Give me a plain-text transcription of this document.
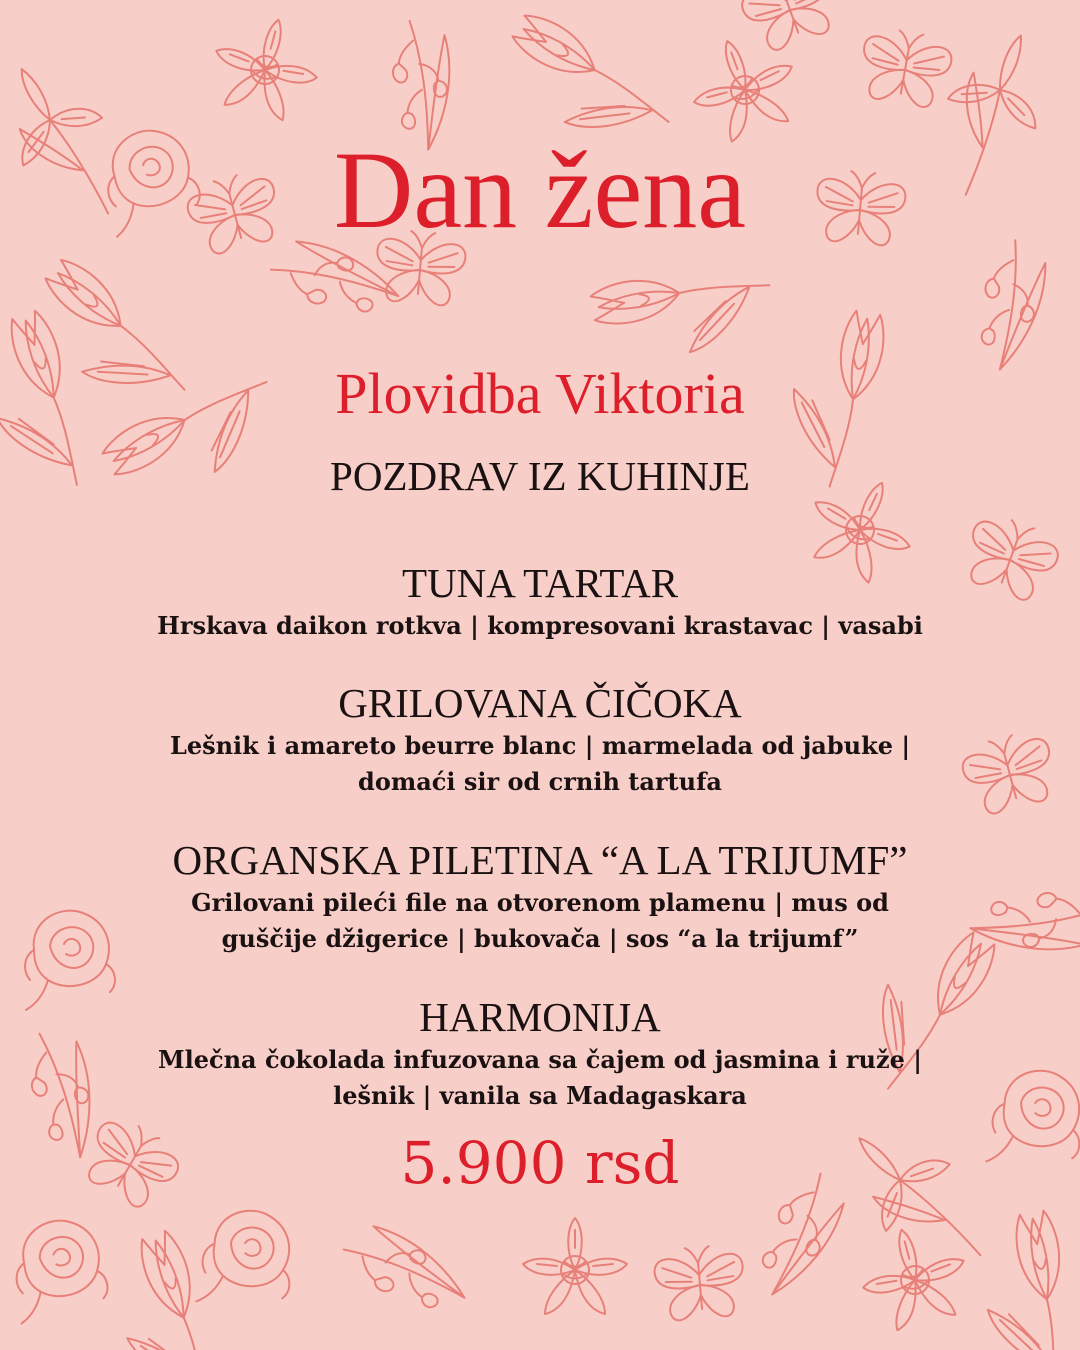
Dan žena
Plovidba Viktoria
POZDRAV IZ KUHINJE
TUNA TARTAR
Hrskava daikon rotkva | kompresovani krastavac | vasabi
GRILOVANA ČIČOKA
Lešnik i amareto beurre blanc | marmelada od jabuke |
domaći sir od crnih tartufa
ORGANSKA PILETINA “A LA TRIJUMF”
Grilovani pileći file na otvorenom plamenu | mus od
guščije džigerice | bukovača | sos “a la trijumf”
HARMONIJA
Mlečna čokolada infuzovana sa čajem od jasmina i ruže |
lešnik | vanila sa Madagaskara
5.900 rsd
